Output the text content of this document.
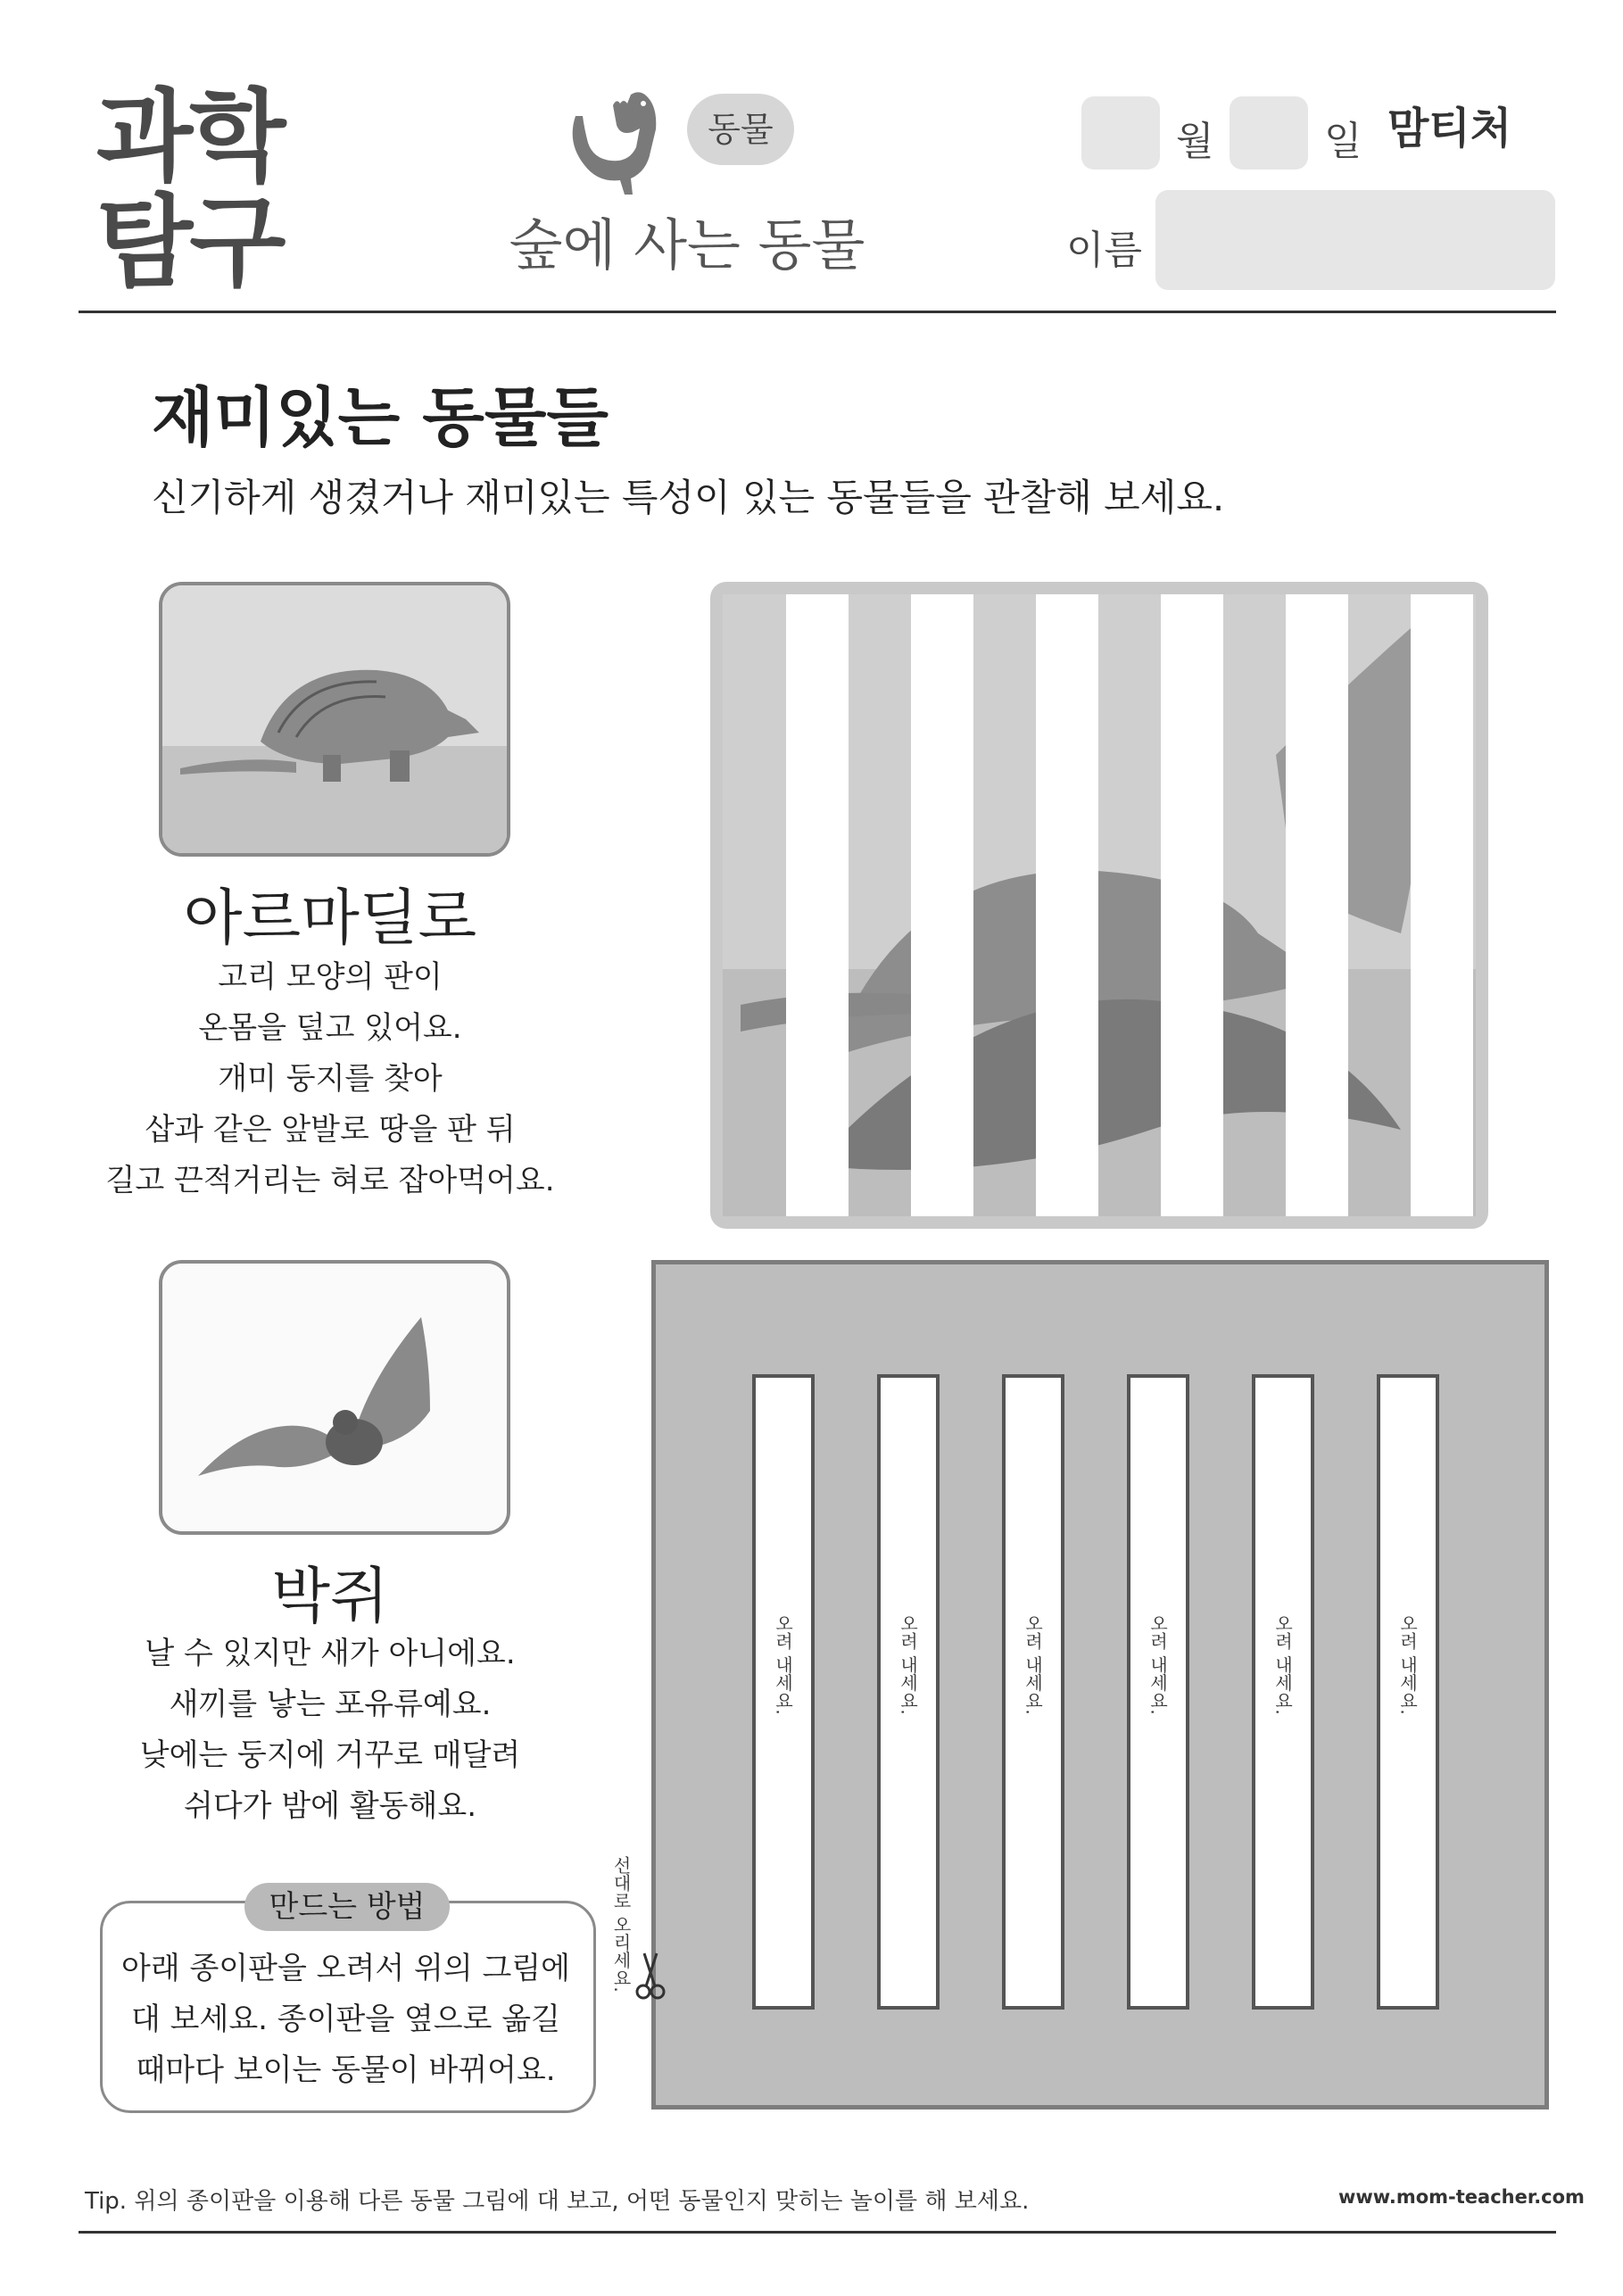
과학탐구
동물
숲에 사는 동물
월	일 맘티처
이름
재미있는 동물들
신기하게 생겼거나 재미있는 특성이 있는 동물들을 관찰해 보세요.
아르마딜로
고리 모양의 판이
온몸을 덮고 있어요.
개미 둥지를 찾아
삽과 같은 앞발로 땅을 판 뒤
길고 끈적거리는 혀로 잡아먹어요.
박쥐
날 수 있지만 새가 아니에요.
새끼를 낳는 포유류예요.
낮에는 둥지에 거꾸로 매달려
쉬다가 밤에 활동해요.
오려 내세요.	오려 내세요.	오려 내세요.	오려 내세요.	오려 내세요.	오려 내세요.
선대로 오리세요.
만드는 방법
아래 종이판을 오려서 위의 그림에
대 보세요. 종이판을 옆으로 옮길
때마다 보이는 동물이 바뀌어요.
Tip. 위의 종이판을 이용해 다른 동물 그림에 대 보고, 어떤 동물인지 맞히는 놀이를 해 보세요.	www.mom-teacher.com
